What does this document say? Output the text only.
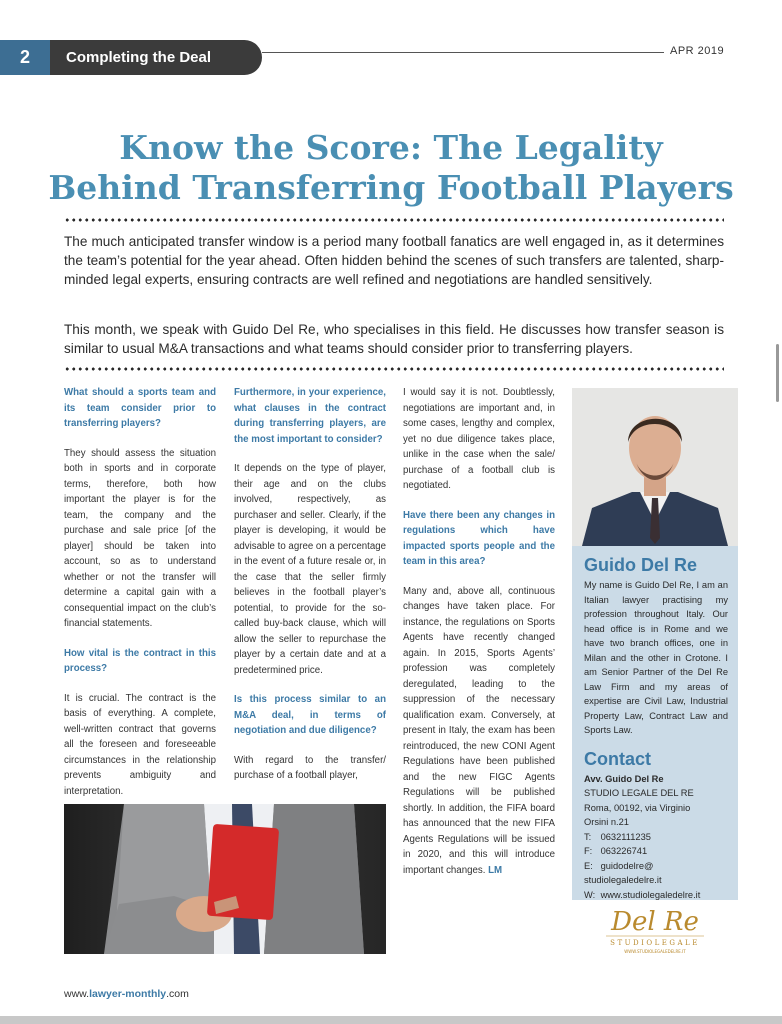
2	Completing the Deal	APR 2019
Know the Score: The Legality
Behind Transferring Football Players

The much anticipated transfer window is a period many football fanatics are well engaged in, as it determines the team’s potential for the year ahead. Often hidden behind the scenes of such transfers are talented, sharp-minded legal experts, ensuring contracts are well refined and negotiations are handled sensitively.

This month, we speak with Guido Del Re, who specialises in this field. He discusses how transfer season is similar to usual M&A transactions and what teams should consider prior to transferring players.

What should a sports team and its team consider prior to transferring players?

They should assess the situation both in sports and in corporate terms, therefore, both how important the player is for the team, the company and the purchase and sale price [of the player] should be taken into account, so as to understand whether or not the transfer will determine a capital gain with a consequential impact on the club’s financial statements.

How vital is the contract in this process?

It is crucial. The contract is the basis of everything. A complete, well-written contract that governs all the foreseen and foreseeable circumstances in the relationship prevents ambiguity and interpretation.

Furthermore, in your experience, what clauses in the contract during transferring players, are the most important to consider?

It depends on the type of player, their age and on the clubs involved, respectively, as purchaser and seller. Clearly, if the player is developing, it would be advisable to agree on a percentage in the event of a future resale or, in the case that the seller firmly believes in the football player’s potential, to provide for the so-called buy-back clause, which will allow the seller to repurchase the player by a certain date and at a predetermined price.

Is this process similar to an M&A deal, in terms of negotiation and due diligence?

With regard to the transfer/ purchase of a football player,

I would say it is not. Doubtlessly, negotiations are important and, in some cases, lengthy and complex, yet no due diligence takes place, unlike in the case when the sale/ purchase of a football club is negotiated.

Have there been any changes in regulations which have impacted sports people and the team in this area?

Many and, above all, continuous changes have taken place. For instance, the regulations on Sports Agents have recently changed again. In 2015, Sports Agents’ profession was completely deregulated, leading to the suppression of the necessary qualification exam. Conversely, at present in Italy, the exam has been reintroduced, the new CONI Agent Regulations have been published and the new FIGC Agents Regulations will be published shortly. In addition, the FIFA board has announced that the new FIFA Agents Regulations will be issued in 2020, and this will introduce important changes. LM

Guido Del Re

My name is Guido Del Re, I am an Italian lawyer practising my profession throughout Italy. Our head office is in Rome and we have two branch offices, one in Milan and the other in Crotone. I am Senior Partner of the Del Re Law Firm and my areas of expertise are Civil Law, Industrial Property Law, Contract Law and Sports Law.

Contact

Avv. Guido Del Re

STUDIO LEGALE DEL RE

Roma, 00192, via Virginio

Orsini n.21

T: 0632111235

F: 063226741

E: guidodelre@

studiolegaledelre.it

W: www.studiolegaledelre.it

Del Re
STUDIOLEGALE
WWW.STUDIOLEGALEDELRE.IT
www.lawyer-monthly.com
